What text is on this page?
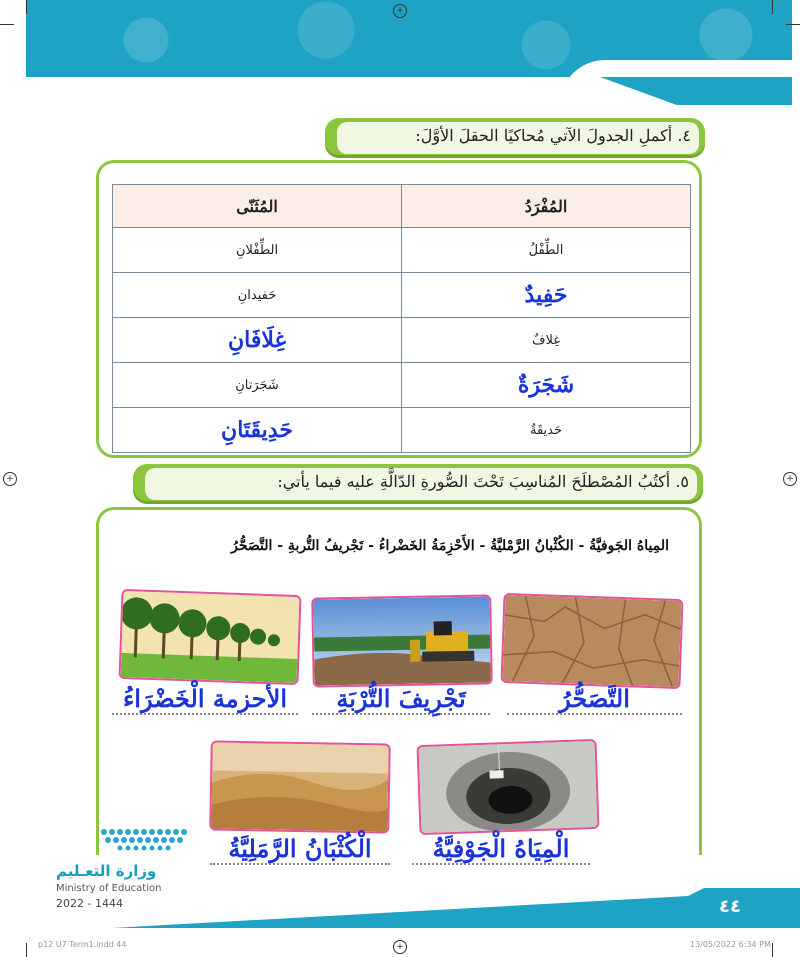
+
+	+
+
٤. أكملِ الجدولَ الآتي مُحاكيًا الحقلَ الأوَّلَ:
المُفْرَدُ	المُثَنّى
الطِّفْلُ	الطِّفْلانِ
حَفِيدٌ	حَفيدانِ
غِلافٌ	غِلَافَانِ
شَجَرَةٌ	شَجَرَتانِ
حَديقَةٌ	حَدِيقَتَانِ
٥. أكتُبُ المُصْطلَحَ المُناسِبَ تَحْتَ الصُّورةِ الدّالَّةِ عليه فيما يأتي:
المِياهُ الجَوفيَّةُ - الكُثْبانُ الرَّمْليَّةُ - الأَحْزِمَةُ الخَضْراءُ - تَجْريفُ التُّربةِ - التَّصَحُّرُ
التَّصَحُّرُ
تَجْرِيفَ التُّرْبَةِ
الأحزمة الْخَضْرَاءُ
الْمِيَاهُ الْجَوْفِيَّةُ
الْكُثْبَانُ الرَّمَلِيَّةُ
وزارة التعـليم
Ministry of Education
2022 - 1444	٤٤
p12 U7 Term1.indd 44	13/05/2022 6:34 PM
